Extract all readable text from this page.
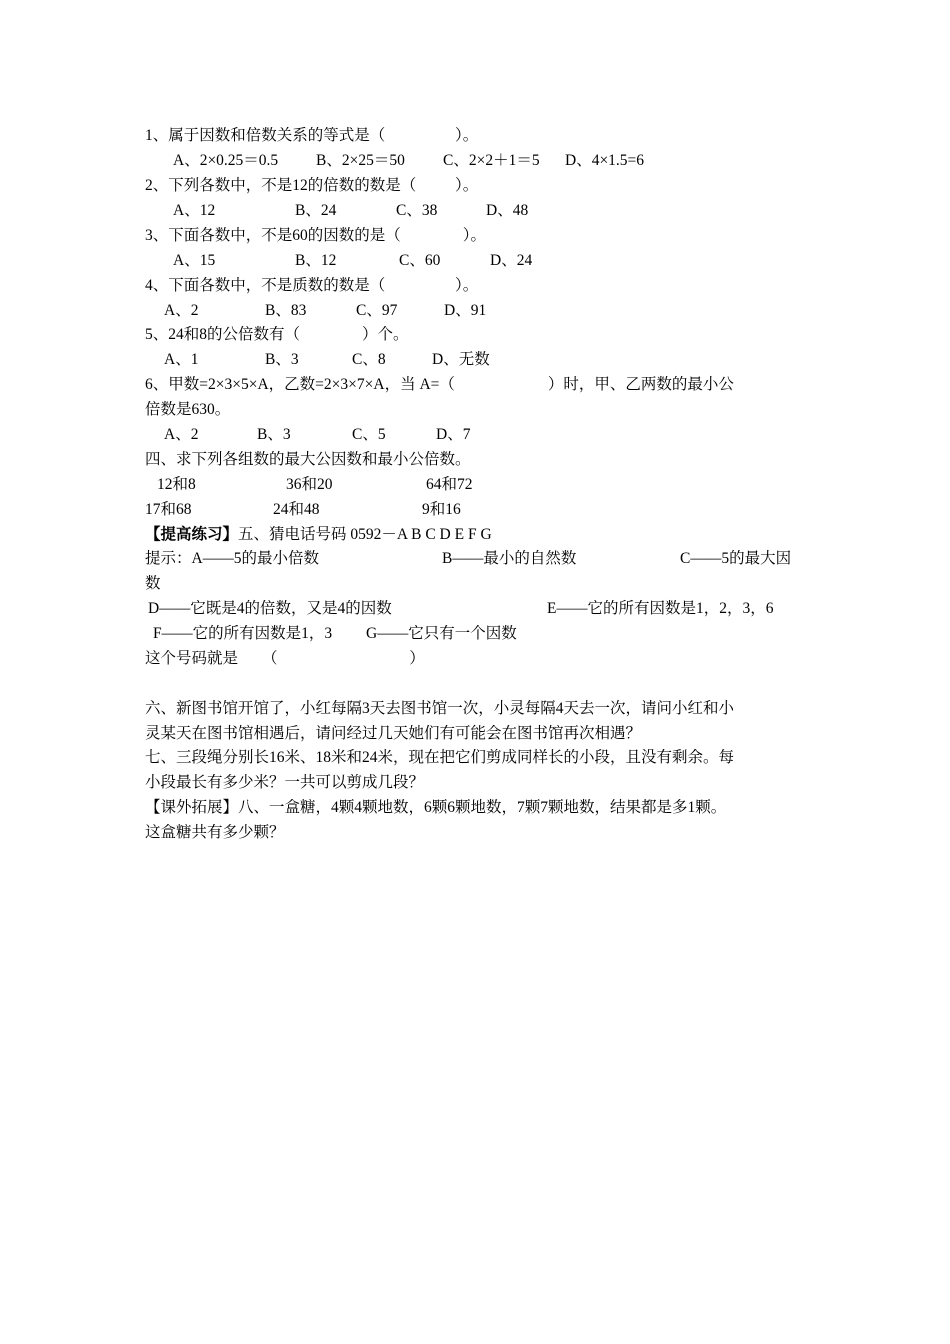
1、属于因数和倍数关系的等式是（                  ）。
A、2×0.25＝0.5 B、2×25＝50 C、2×2＋1＝5 D、4×1.5=6
2、下列各数中，不是12的倍数的数是（          ）。
A、12	B、24	C、38	D、48
3、下面各数中，不是60的因数的是（                ）。
A、15	B、12	C、60	D、24
4、下面各数中，不是质数的数是（                  ）。
A、2	B、83	C、97	D、91
5、24和8的公倍数有（                ）个。
A、1	B、3	C、8	D、无数
6、甲数=2×3×5×A，乙数=2×3×7×A，当 A=（                        ）时，甲、乙两数的最小公
倍数是630。
A、2	B、3	C、5	D、7
四、求下列各组数的最大公因数和最小公倍数。
12和8	36和20	64和72
17和68	24和48	9和16
【提高练习】五、猜电话号码 0592－A B C D E F G
提示：A——5的最小倍数	B——最小的自然数	C——5的最大因
数
D——它既是4的倍数，又是4的因数	E——它的所有因数是1，2，3，6
F——它的所有因数是1，3 G——它只有一个因数
这个号码就是 （                                  ）
六、新图书馆开馆了，小红每隔3天去图书馆一次，小灵每隔4天去一次，请问小红和小
灵某天在图书馆相遇后，请问经过几天她们有可能会在图书馆再次相遇？
七、三段绳分别长16米、18米和24米，现在把它们剪成同样长的小段，且没有剩余。每
小段最长有多少米？一共可以剪成几段？
【课外拓展】八、一盒糖，4颗4颗地数，6颗6颗地数，7颗7颗地数，结果都是多1颗。
这盒糖共有多少颗？
